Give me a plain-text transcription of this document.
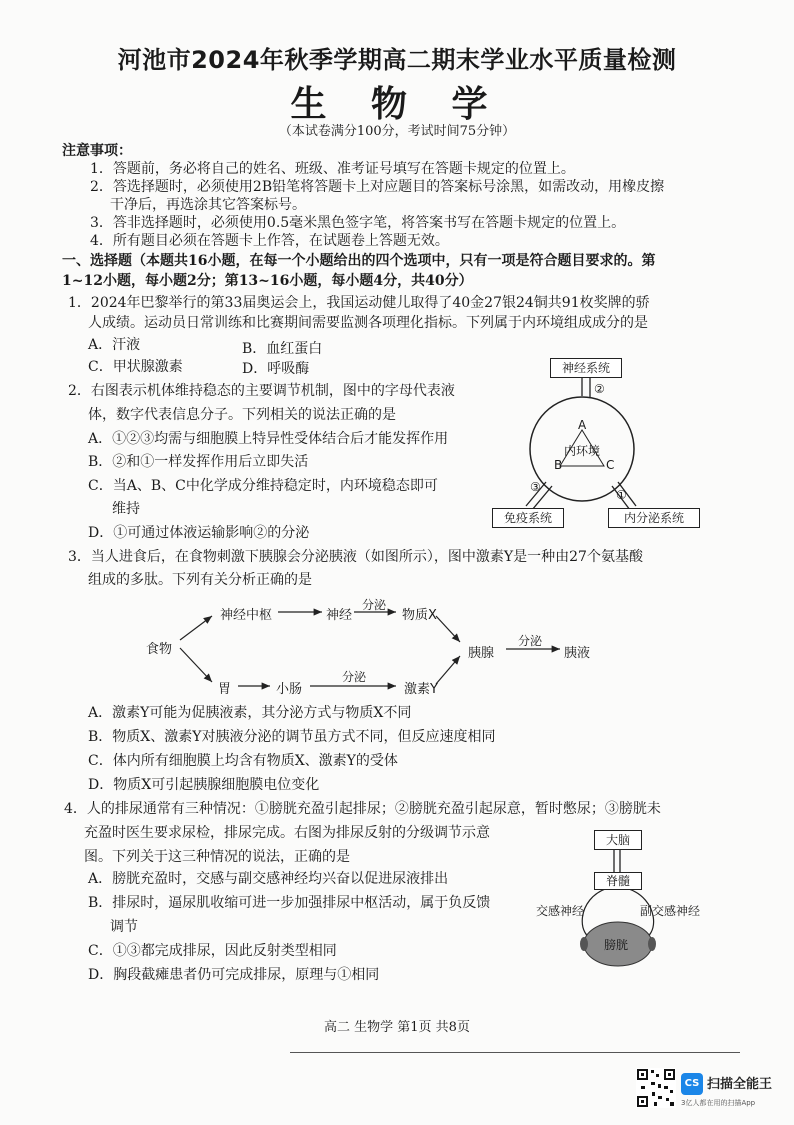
河池市2024年秋季学期高二期末学业水平质量检测
生 物 学
（本试卷满分100分，考试时间75分钟）
注意事项：
1．答题前，务必将自己的姓名、班级、准考证号填写在答题卡规定的位置上。
2．答选择题时，必须使用2B铅笔将答题卡上对应题目的答案标号涂黑，如需改动，用橡皮擦
干净后，再选涂其它答案标号。
3．答非选择题时，必须使用0.5毫米黑色签字笔，将答案书写在答题卡规定的位置上。
4．所有题目必须在答题卡上作答，在试题卷上答题无效。
一、选择题（本题共16小题，在每一个小题给出的四个选项中，只有一项是符合题目要求的。第
1~12小题，每小题2分；第13~16小题，每小题4分，共40分）
1．2024年巴黎举行的第33届奥运会上，我国运动健儿取得了40金27银24铜共91枚奖牌的骄
人成绩。运动员日常训练和比赛期间需要监测各项理化指标。下列属于内环境组成成分的是
A．汗液	B．血红蛋白
C．甲状腺激素	D．呼吸酶
2．右图表示机体维持稳态的主要调节机制，图中的字母代表液
体，数字代表信息分子。下列相关的说法正确的是
A．①②③均需与细胞膜上特异性受体结合后才能发挥作用
B．②和①一样发挥作用后立即失活
C．当A、B、C中化学成分维持稳定时，内环境稳态即可
维持
D．①可通过体液运输影响②的分泌
神经系统
免疫系统	内分泌系统
内环境
A
B	C
②
③
①
3．当人进食后，在食物刺激下胰腺会分泌胰液（如图所示），图中激素Y是一种由27个氨基酸
组成的多肽。下列有关分析正确的是
食物
神经中枢	神经
分泌
物质X
胃	小肠
分泌
激素Y
胰腺
分泌
胰液
A．激素Y可能为促胰液素，其分泌方式与物质X不同
B．物质X、激素Y对胰液分泌的调节虽方式不同，但反应速度相同
C．体内所有细胞膜上均含有物质X、激素Y的受体
D．物质X可引起胰腺细胞膜电位变化
4．人的排尿通常有三种情况：①膀胱充盈引起排尿；②膀胱充盈引起尿意，暂时憋尿；③膀胱未
充盈时医生要求尿检，排尿完成。右图为排尿反射的分级调节示意
图。下列关于这三种情况的说法，正确的是
A．膀胱充盈时，交感与副交感神经均兴奋以促进尿液排出
B．排尿时，逼尿肌收缩可进一步加强排尿中枢活动，属于负反馈
调节
C．①③都完成排尿，因此反射类型相同
D．胸段截瘫患者仍可完成排尿，原理与①相同
大脑
脊髓
交感神经	副交感神经
膀胱
高二 生物学 第1页 共8页
CS 扫描全能王
3亿人都在用的扫描App
